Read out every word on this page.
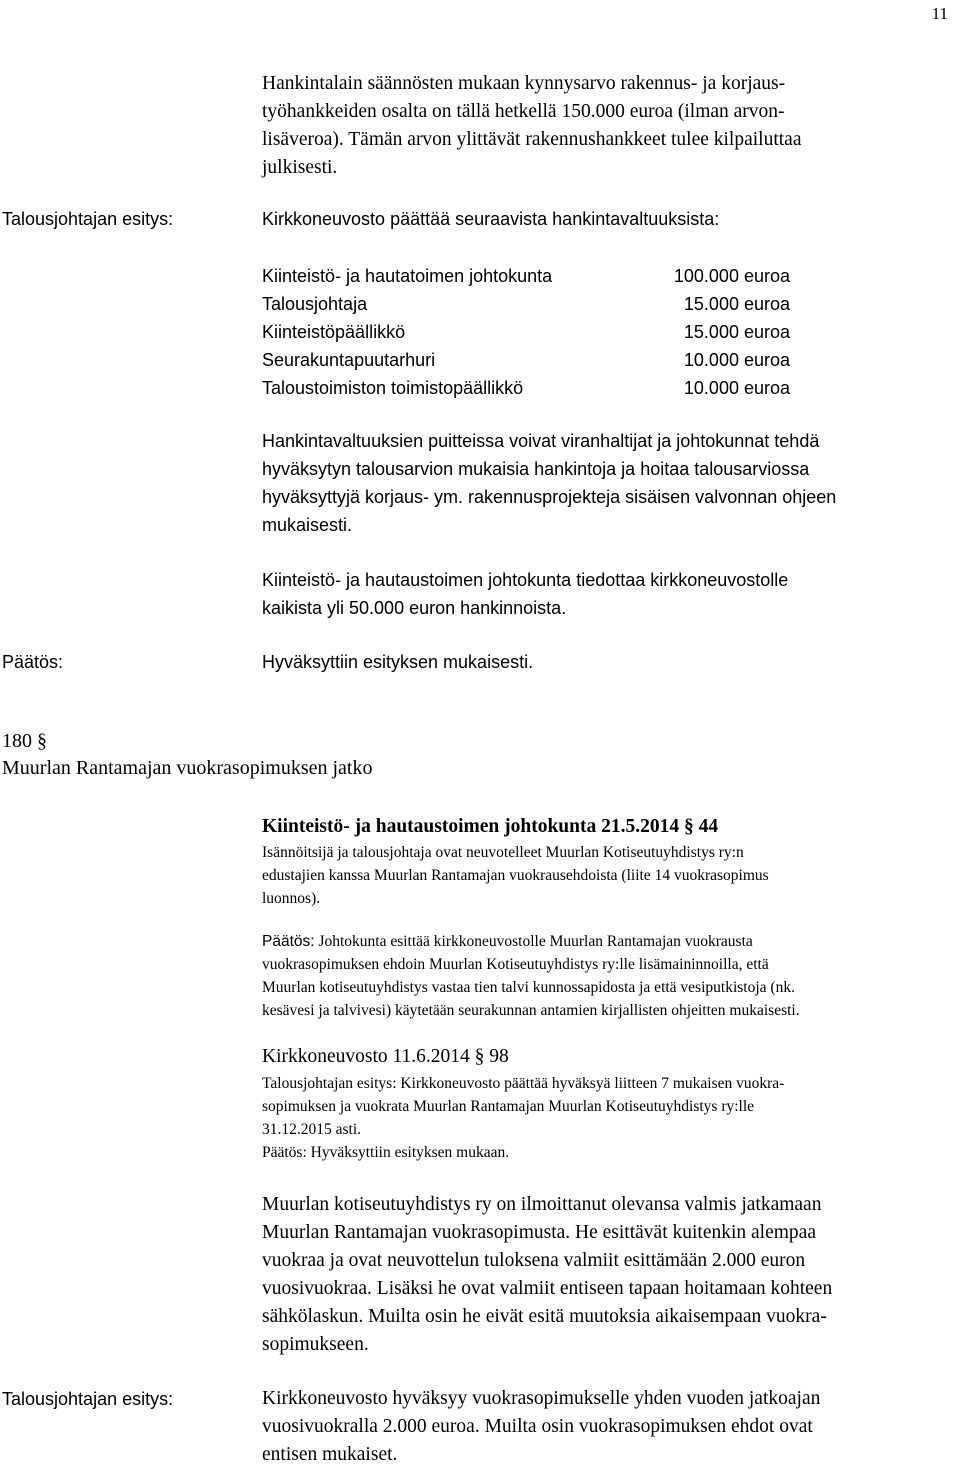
11
Hankintalain säännösten mukaan kynnysarvo rakennus- ja korjaus-
työhankkeiden osalta on tällä hetkellä 150.000 euroa (ilman arvon-
lisäveroa). Tämän arvon ylittävät rakennushankkeet tulee kilpailuttaa
julkisesti.
Talousjohtajan esitys:	Kirkkoneuvosto päättää seuraavista hankintavaltuuksista:
Kiinteistö- ja hautatoimen johtokunta	100.000 euroa
Talousjohtaja	15.000 euroa
Kiinteistöpäällikkö	15.000 euroa
Seurakuntapuutarhuri	10.000 euroa
Taloustoimiston toimistopäällikkö	10.000 euroa
Hankintavaltuuksien puitteissa voivat viranhaltijat ja johtokunnat tehdä
hyväksytyn talousarvion mukaisia hankintoja ja hoitaa talousarviossa
hyväksyttyjä korjaus- ym. rakennusprojekteja sisäisen valvonnan ohjeen
mukaisesti.
Kiinteistö- ja hautaustoimen johtokunta tiedottaa kirkkoneuvostolle
kaikista yli 50.000 euron hankinnoista.
Päätös:	Hyväksyttiin esityksen mukaisesti.
180 §
Muurlan Rantamajan vuokrasopimuksen jatko
Kiinteistö- ja hautaustoimen johtokunta 21.5.2014 § 44
Isännöitsijä ja talousjohtaja ovat neuvotelleet Muurlan Kotiseutuyhdistys ry:n
edustajien kanssa Muurlan Rantamajan vuokrausehdoista (liite 14 vuokrasopimus
luonnos).
Päätös: Johtokunta esittää kirkkoneuvostolle Muurlan Rantamajan vuokrausta
vuokrasopimuksen ehdoin Muurlan Kotiseutuyhdistys ry:lle lisämaininnoilla, että
Muurlan kotiseutuyhdistys vastaa tien talvi kunnossapidosta ja että vesiputkistoja (nk.
kesävesi ja talvivesi) käytetään seurakunnan antamien kirjallisten ohjeitten mukaisesti.
Kirkkoneuvosto 11.6.2014 § 98
Talousjohtajan esitys: Kirkkoneuvosto päättää hyväksyä liitteen 7 mukaisen vuokra-
sopimuksen ja vuokrata Muurlan Rantamajan Muurlan Kotiseutuyhdistys ry:lle
31.12.2015 asti.
Päätös: Hyväksyttiin esityksen mukaan.
Muurlan kotiseutuyhdistys ry on ilmoittanut olevansa valmis jatkamaan
Muurlan Rantamajan vuokrasopimusta. He esittävät kuitenkin alempaa
vuokraa ja ovat neuvottelun tuloksena valmiit esittämään 2.000 euron
vuosivuokraa. Lisäksi he ovat valmiit entiseen tapaan hoitamaan kohteen
sähkölaskun. Muilta osin he eivät esitä muutoksia aikaisempaan vuokra-
sopimukseen.
Talousjohtajan esitys:	Kirkkoneuvosto hyväksyy vuokrasopimukselle yhden vuoden jatkoajan
vuosivuokralla 2.000 euroa. Muilta osin vuokrasopimuksen ehdot ovat
entisen mukaiset.
